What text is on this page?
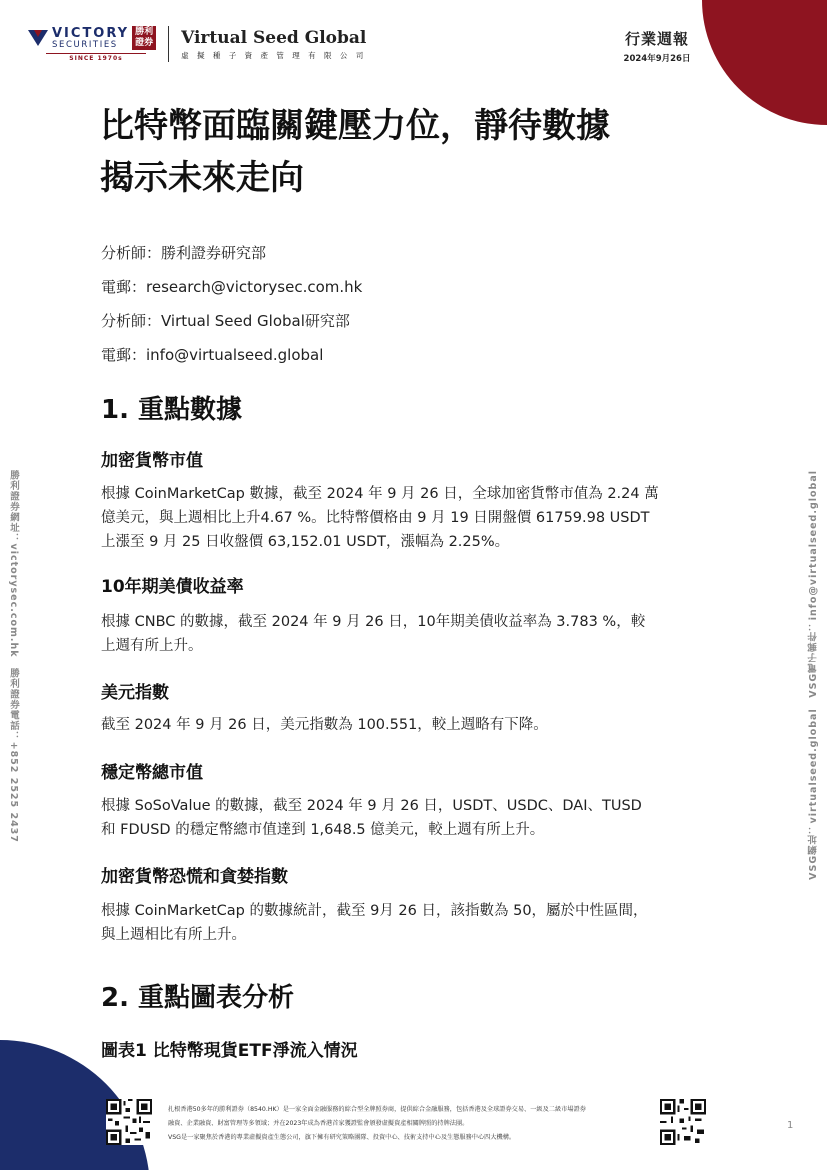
VICTORY
SECURITIES
勝利證券
SINCE 1970s
Virtual Seed Global
虛 擬 種 子 資 產 管 理 有 限 公 司
行業週報
2024年9月26日
比特幣面臨關鍵壓力位，靜待數據
揭示未來走向
分析師：勝利證券研究部
電郵：research@victorysec.com.hk
分析師：Virtual Seed Global研究部
電郵：info@virtualseed.global
1. 重點數據
加密貨幣市值
根據 CoinMarketCap 數據，截至 2024 年 9 月 26 日，全球加密貨幣市值為 2.24 萬
億美元，與上週相比上升4.67 %。比特幣價格由 9 月 19 日開盤價 61759.98 USDT
上漲至 9 月 25 日收盤價 63,152.01 USDT，漲幅為 2.25%。
10年期美債收益率
根據 CNBC 的數據，截至 2024 年 9 月 26 日，10年期美債收益率為 3.783 %，較
上週有所上升。
美元指數
截至 2024 年 9 月 26 日，美元指數為 100.551，較上週略有下降。
穩定幣總市值
根據 SoSoValue 的數據，截至 2024 年 9 月 26 日，USDT、USDC、DAI、TUSD
和 FDUSD 的穩定幣總市值達到 1,648.5 億美元，較上週有所上升。
加密貨幣恐慌和貪婪指數
根據 CoinMarketCap 的數據統計，截至 9月 26 日，該指數為 50，屬於中性區間，
與上週相比有所上升。
2. 重點圖表分析
圖表1 比特幣現貨ETF淨流入情況
勝利證券網址：victorysec.com.hk　勝利證券電話：+852 2525 2437	VSG網址：virtualseed.global　VSG電子郵件：info@virtualseed.global
扎根香港50多年的勝利證券（8540.HK）是一家全面金融服務的綜合型全牌照券商，提供綜合金融服務，包括香港及全球證券交易、一級及二級市場證券
融資、企業融資、財富管理等多領域；并在2023年成為香港首家獲證監會頒發虛擬資產相關牌照的持牌法團。
VSG是一家聚焦於香港的專業虛擬資產生態公司，旗下擁有研究策略團隊、投資中心、技術支持中心及生態服務中心四大機構。
1
